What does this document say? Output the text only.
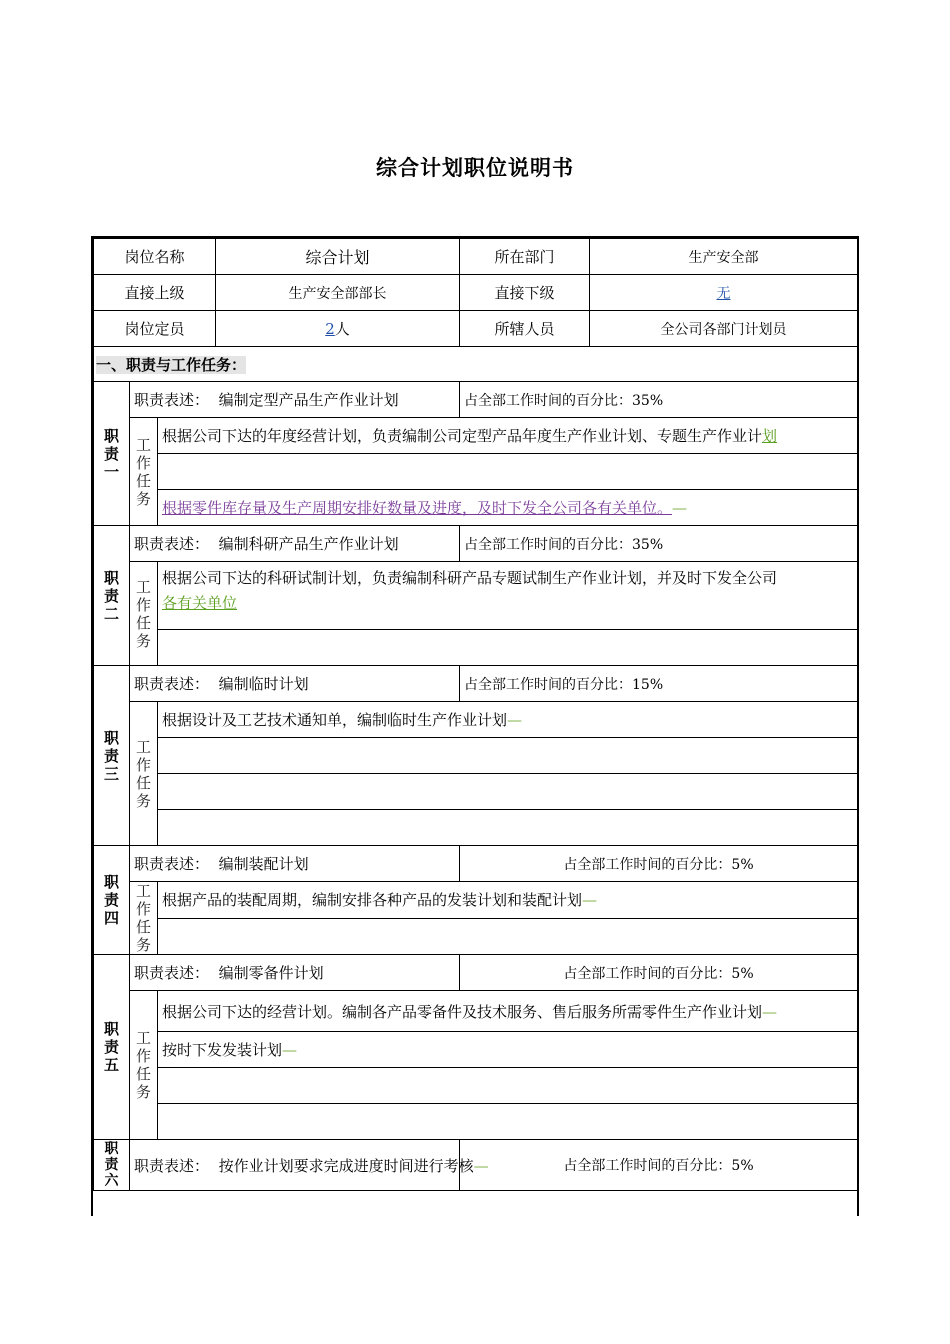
综合计划职位说明书
岗位名称			综合计划	所在部门	生产安全部
直接上级			生产安全部部长	直接下级	无
岗位定员			2人	所辖人员	全公司各部门计划员
一、职责与工作任务：					
职责一	职责表述： 编制定型产品生产作业计划			占全部工作时间的百分比：35%	
	工作任务	根据公司下达的年度经营计划，负责编制公司定型产品年度生产作业计划、专题生产作业计划			

		根据零件库存量及生产周期安排好数量及进度，及时下发全公司各有关单位。—			
职责二	职责表述： 编制科研产品生产作业计划			占全部工作时间的百分比：35%	
	工作任务	根据公司下达的科研试制计划，负责编制科研产品专题试制生产作业计划，并及时下发全公司
各有关单位			

职责三	职责表述： 编制临时计划			占全部工作时间的百分比：15%	
	工作任务	根据设计及工艺技术通知单，编制临时生产作业计划—			

职责四	职责表述： 编制装配计划			占全部工作时间的百分比：5%	
	工作任务	根据产品的装配周期，编制安排各种产品的发装计划和装配计划—			

职责五	职责表述： 编制零备件计划			占全部工作时间的百分比：5%	
	工作任务	根据公司下达的经营计划。编制各产品零备件及技术服务、售后服务所需零件生产作业计划—			
		按时下发发装计划—			

职责六	职责表述： 按作业计划要求完成进度时间进行考核—			占全部工作时间的百分比：5%	
